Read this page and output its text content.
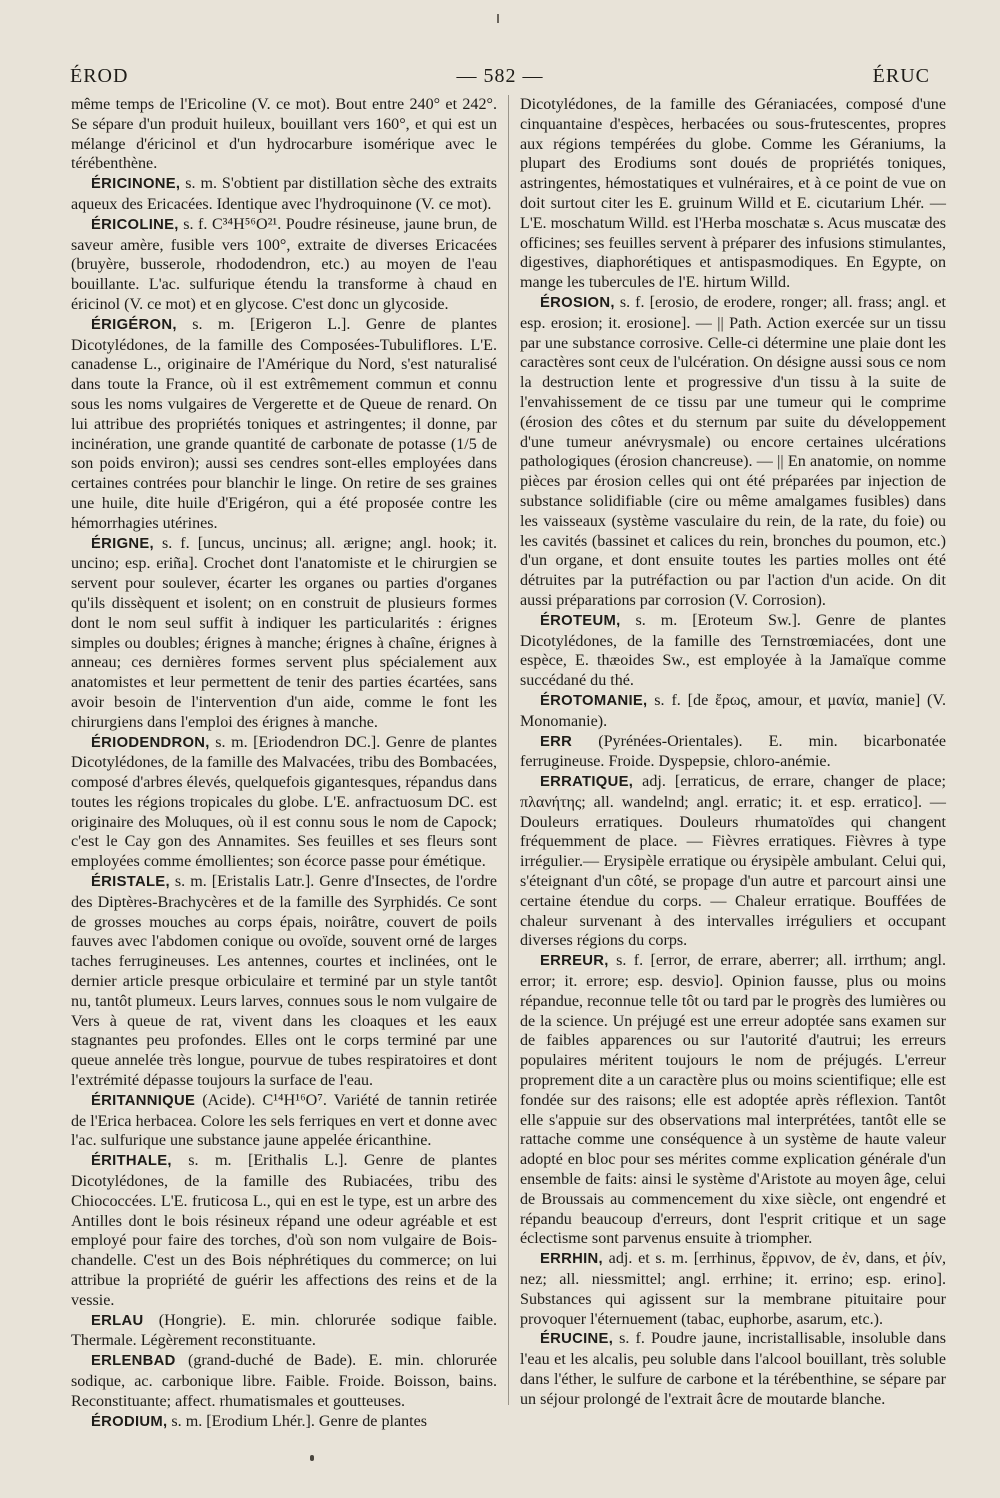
ÉROD	— 582 —	ÉRUC

même temps de l'Ericoline (V. ce mot). Bout entre 240° et 242°. Se sépare d'un produit huileux, bouillant vers 160°, et qui est un mélange d'éricinol et d'un hydrocarbure isomérique avec le térébenthène.

ÉRICINONE, s. m. S'obtient par distillation sèche des extraits aqueux des Ericacées. Identique avec l'hydroquinone (V. ce mot).

ÉRICOLINE, s. f. C³⁴H⁵⁶O²¹. Poudre résineuse, jaune brun, de saveur amère, fusible vers 100°, extraite de diverses Ericacées (bruyère, busserole, rhododendron, etc.) au moyen de l'eau bouillante. L'ac. sulfurique étendu la transforme à chaud en éricinol (V. ce mot) et en glycose. C'est donc un glycoside.

ÉRIGÉRON, s. m. [Erigeron L.]. Genre de plantes Dicotylédones, de la famille des Composées-Tubuliflores. L'E. canadense L., originaire de l'Amérique du Nord, s'est naturalisé dans toute la France, où il est extrêmement commun et connu sous les noms vulgaires de Vergerette et de Queue de renard. On lui attribue des propriétés toniques et astringentes; il donne, par incinération, une grande quantité de carbonate de potasse (1/5 de son poids environ); aussi ses cendres sont-elles employées dans certaines contrées pour blanchir le linge. On retire de ses graines une huile, dite huile d'Erigéron, qui a été proposée contre les hémorrhagies utérines.

ÉRIGNE, s. f. [uncus, uncinus; all. ærigne; angl. hook; it. uncino; esp. eriña]. Crochet dont l'anatomiste et le chirurgien se servent pour soulever, écarter les organes ou parties d'organes qu'ils dissèquent et isolent; on en construit de plusieurs formes dont le nom seul suffit à indiquer les particularités : érignes simples ou doubles; érignes à manche; érignes à chaîne, érignes à anneau; ces dernières formes servent plus spécialement aux anatomistes et leur permettent de tenir des parties écartées, sans avoir besoin de l'intervention d'un aide, comme le font les chirurgiens dans l'emploi des érignes à manche.

ÉRIODENDRON, s. m. [Eriodendron DC.]. Genre de plantes Dicotylédones, de la famille des Malvacées, tribu des Bombacées, composé d'arbres élevés, quelquefois gigantesques, répandus dans toutes les régions tropicales du globe. L'E. anfractuosum DC. est originaire des Moluques, où il est connu sous le nom de Capock; c'est le Cay gon des Annamites. Ses feuilles et ses fleurs sont employées comme émollientes; son écorce passe pour émétique.

ÉRISTALE, s. m. [Eristalis Latr.]. Genre d'Insectes, de l'ordre des Diptères-Brachycères et de la famille des Syrphidés. Ce sont de grosses mouches au corps épais, noirâtre, couvert de poils fauves avec l'abdomen conique ou ovoïde, souvent orné de larges taches ferrugineuses. Les antennes, courtes et inclinées, ont le dernier article presque orbiculaire et terminé par un style tantôt nu, tantôt plumeux. Leurs larves, connues sous le nom vulgaire de Vers à queue de rat, vivent dans les cloaques et les eaux stagnantes peu profondes. Elles ont le corps terminé par une queue annelée très longue, pourvue de tubes respiratoires et dont l'extrémité dépasse toujours la surface de l'eau.

ÉRITANNIQUE (Acide). C¹⁴H¹⁶O⁷. Variété de tannin retirée de l'Erica herbacea. Colore les sels ferriques en vert et donne avec l'ac. sulfurique une substance jaune appelée éricanthine.

ÉRITHALE, s. m. [Erithalis L.]. Genre de plantes Dicotylédones, de la famille des Rubiacées, tribu des Chiococcées. L'E. fruticosa L., qui en est le type, est un arbre des Antilles dont le bois résineux répand une odeur agréable et est employé pour faire des torches, d'où son nom vulgaire de Bois-chandelle. C'est un des Bois néphrétiques du commerce; on lui attribue la propriété de guérir les affections des reins et de la vessie.

ERLAU (Hongrie). E. min. chlorurée sodique faible. Thermale. Légèrement reconstituante.

ERLENBAD (grand-duché de Bade). E. min. chlorurée sodique, ac. carbonique libre. Faible. Froide. Boisson, bains. Reconstituante; affect. rhumatismales et goutteuses.

ÉRODIUM, s. m. [Erodium Lhér.]. Genre de plantes

Dicotylédones, de la famille des Géraniacées, composé d'une cinquantaine d'espèces, herbacées ou sous-frutescentes, propres aux régions tempérées du globe. Comme les Géraniums, la plupart des Erodiums sont doués de propriétés toniques, astringentes, hémostatiques et vulnéraires, et à ce point de vue on doit surtout citer les E. gruinum Willd et E. cicutarium Lhér. — L'E. moschatum Willd. est l'Herba moschatæ s. Acus muscatæ des officines; ses feuilles servent à préparer des infusions stimulantes, digestives, diaphorétiques et antispasmodiques. En Egypte, on mange les tubercules de l'E. hirtum Willd.

ÉROSION, s. f. [erosio, de erodere, ronger; all. frass; angl. et esp. erosion; it. erosione]. — || Path. Action exercée sur un tissu par une substance corrosive. Celle-ci détermine une plaie dont les caractères sont ceux de l'ulcération. On désigne aussi sous ce nom la destruction lente et progressive d'un tissu à la suite de l'envahissement de ce tissu par une tumeur qui le comprime (érosion des côtes et du sternum par suite du développement d'une tumeur anévrysmale) ou encore certaines ulcérations pathologiques (érosion chancreuse). — || En anatomie, on nomme pièces par érosion celles qui ont été préparées par injection de substance solidifiable (cire ou même amalgames fusibles) dans les vaisseaux (système vasculaire du rein, de la rate, du foie) ou les cavités (bassinet et calices du rein, bronches du poumon, etc.) d'un organe, et dont ensuite toutes les parties molles ont été détruites par la putréfaction ou par l'action d'un acide. On dit aussi préparations par corrosion (V. Corrosion).

ÉROTEUM, s. m. [Eroteum Sw.]. Genre de plantes Dicotylédones, de la famille des Ternstrœmiacées, dont une espèce, E. thæoides Sw., est employée à la Jamaïque comme succédané du thé.

ÉROTOMANIE, s. f. [de ἔρως, amour, et μανία, manie] (V. Monomanie).

ERR (Pyrénées-Orientales). E. min. bicarbonatée ferrugineuse. Froide. Dyspepsie, chloro-anémie.

ERRATIQUE, adj. [erraticus, de errare, changer de place; πλανήτης; all. wandelnd; angl. erratic; it. et esp. erratico]. — Douleurs erratiques. Douleurs rhumatoïdes qui changent fréquemment de place. — Fièvres erratiques. Fièvres à type irrégulier.— Erysipèle erratique ou érysipèle ambulant. Celui qui, s'éteignant d'un côté, se propage d'un autre et parcourt ainsi une certaine étendue du corps. — Chaleur erratique. Bouffées de chaleur survenant à des intervalles irréguliers et occupant diverses régions du corps.

ERREUR, s. f. [error, de errare, aberrer; all. irrthum; angl. error; it. errore; esp. desvio]. Opinion fausse, plus ou moins répandue, reconnue telle tôt ou tard par le progrès des lumières ou de la science. Un préjugé est une erreur adoptée sans examen sur de faibles apparences ou sur l'autorité d'autrui; les erreurs populaires méritent toujours le nom de préjugés. L'erreur proprement dite a un caractère plus ou moins scientifique; elle est fondée sur des raisons; elle est adoptée après réflexion. Tantôt elle s'appuie sur des observations mal interprétées, tantôt elle se rattache comme une conséquence à un système de haute valeur adopté en bloc pour ses mérites comme explication générale d'un ensemble de faits: ainsi le système d'Aristote au moyen âge, celui de Broussais au commencement du xixe siècle, ont engendré et répandu beaucoup d'erreurs, dont l'esprit critique et un sage éclectisme sont parvenus ensuite à triompher.

ERRHIN, adj. et s. m. [errhinus, ἔρρινον, de ἐν, dans, et ῥίν, nez; all. niessmittel; angl. errhine; it. errino; esp. erino]. Substances qui agissent sur la membrane pituitaire pour provoquer l'éternuement (tabac, euphorbe, asarum, etc.).

ÉRUCINE, s. f. Poudre jaune, incristallisable, insoluble dans l'eau et les alcalis, peu soluble dans l'alcool bouillant, très soluble dans l'éther, le sulfure de carbone et la térébenthine, se sépare par un séjour prolongé de l'extrait âcre de moutarde blanche.
